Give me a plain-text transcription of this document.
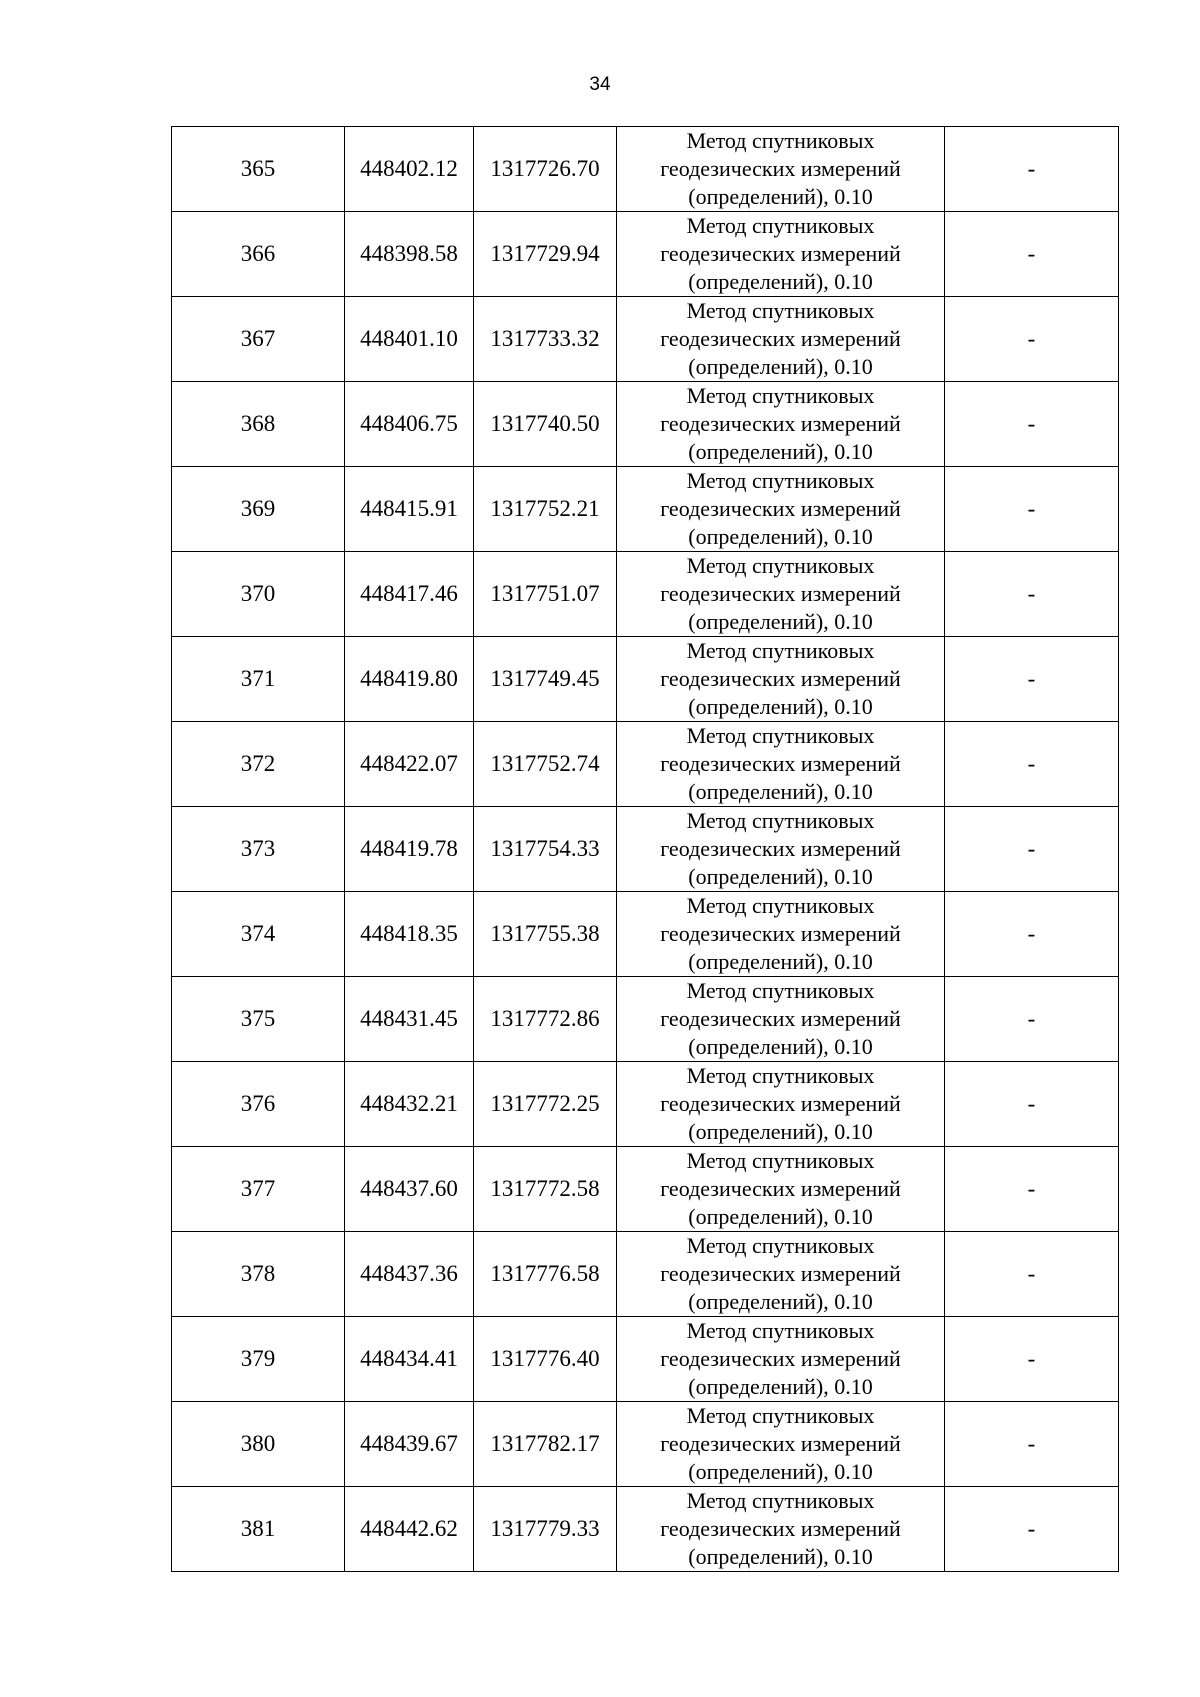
34
365	448402.12	1317726.70	Метод спутниковых
геодезических измерений
(определений), 0.10	-
366	448398.58	1317729.94	Метод спутниковых
геодезических измерений
(определений), 0.10	-
367	448401.10	1317733.32	Метод спутниковых
геодезических измерений
(определений), 0.10	-
368	448406.75	1317740.50	Метод спутниковых
геодезических измерений
(определений), 0.10	-
369	448415.91	1317752.21	Метод спутниковых
геодезических измерений
(определений), 0.10	-
370	448417.46	1317751.07	Метод спутниковых
геодезических измерений
(определений), 0.10	-
371	448419.80	1317749.45	Метод спутниковых
геодезических измерений
(определений), 0.10	-
372	448422.07	1317752.74	Метод спутниковых
геодезических измерений
(определений), 0.10	-
373	448419.78	1317754.33	Метод спутниковых
геодезических измерений
(определений), 0.10	-
374	448418.35	1317755.38	Метод спутниковых
геодезических измерений
(определений), 0.10	-
375	448431.45	1317772.86	Метод спутниковых
геодезических измерений
(определений), 0.10	-
376	448432.21	1317772.25	Метод спутниковых
геодезических измерений
(определений), 0.10	-
377	448437.60	1317772.58	Метод спутниковых
геодезических измерений
(определений), 0.10	-
378	448437.36	1317776.58	Метод спутниковых
геодезических измерений
(определений), 0.10	-
379	448434.41	1317776.40	Метод спутниковых
геодезических измерений
(определений), 0.10	-
380	448439.67	1317782.17	Метод спутниковых
геодезических измерений
(определений), 0.10	-
381	448442.62	1317779.33	Метод спутниковых
геодезических измерений
(определений), 0.10	-
